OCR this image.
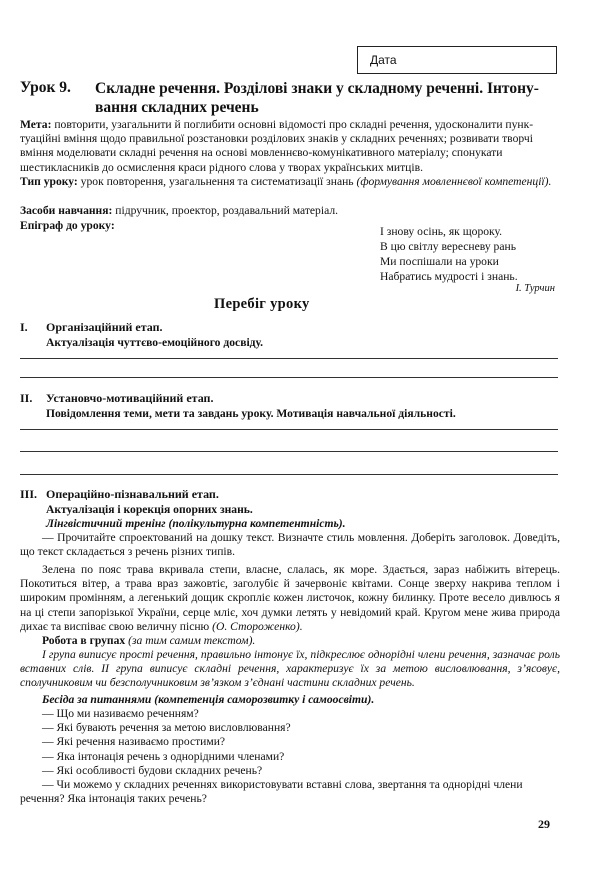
Дата
Урок 9. Складне речення. Розділові знаки у складному реченні. Інтонування складних речень
Мета: повторити, узагальнити й поглибити основні відомості про складні речення, удосконалити пунктуаційні вміння щодо правильної розстановки розділових знаків у складних реченнях; розвивати творчі вміння моделювати складні речення на основі мовленнєво-комунікативного матеріалу; спонукати шестикласників до осмислення краси рідного слова у творах українських митців.
Тип уроку: урок повторення, узагальнення та систематизації знань (формування мовленнєвої компетенції).
Засоби навчання: підручник, проектор, роздавальний матеріал.
Епіграф до уроку:	І знову осінь, як щороку.
В цю світлу вересневу рань
Ми поспішали на уроки
Набратись мудрості і знань.
І. Турчин
Перебіг уроку
I. Організаційний етап.
Актуалізація чуттєво-емоційного досвіду.
II. Установчо-мотиваційний етап.
Повідомлення теми, мети та завдань уроку. Мотивація навчальної діяльності.
III. Операційно-пізнавальний етап.
Актуалізація і корекція опорних знань.
Лінгвістичний тренінг (полікультурна компетентність).
— Прочитайте спроектований на дошку текст. Визначте стиль мовлення. Доберіть заголовок. Доведіть, що текст складається з речень різних типів.
Зелена по пояс трава вкривала степи, власне, слалась, як море. Здається, зараз набіжить вітерець. Покотиться вітер, а трава враз зажовтіє, заголубіє й зачервоніє квітами. Сонце зверху накрива теплом і широким промінням, а легенький дощик скропліє кожен листочок, кожну билинку. Проте весело дивлюсь я на ці степи запорізької України, серце мліє, хоч думки летять у невідомий край. Кругом мене жива природа дихає та виспіває свою величну пісню (О. Стороженко).
Робота в групах (за тим самим текстом).
І група виписує прості речення, правильно інтонує їх, підкреслює однорідні члени речення, зазначає роль вставних слів. ІІ група виписує складні речення, характеризує їх за метою висловлювання, з’ясовує, сполучниковим чи безсполучниковим зв’язком з’єднані частини складних речень.
Бесіда за питаннями (компетенція саморозвитку і самоосвіти).
— Що ми називаємо реченням?
— Які бувають речення за метою висловлювання?
— Які речення називаємо простими?
— Яка інтонація речень з однорідними членами?
— Які особливості будови складних речень?
— Чи можемо у складних реченнях використовувати вставні слова, звертання та однорідні члени речення? Яка інтонація таких речень?
29
